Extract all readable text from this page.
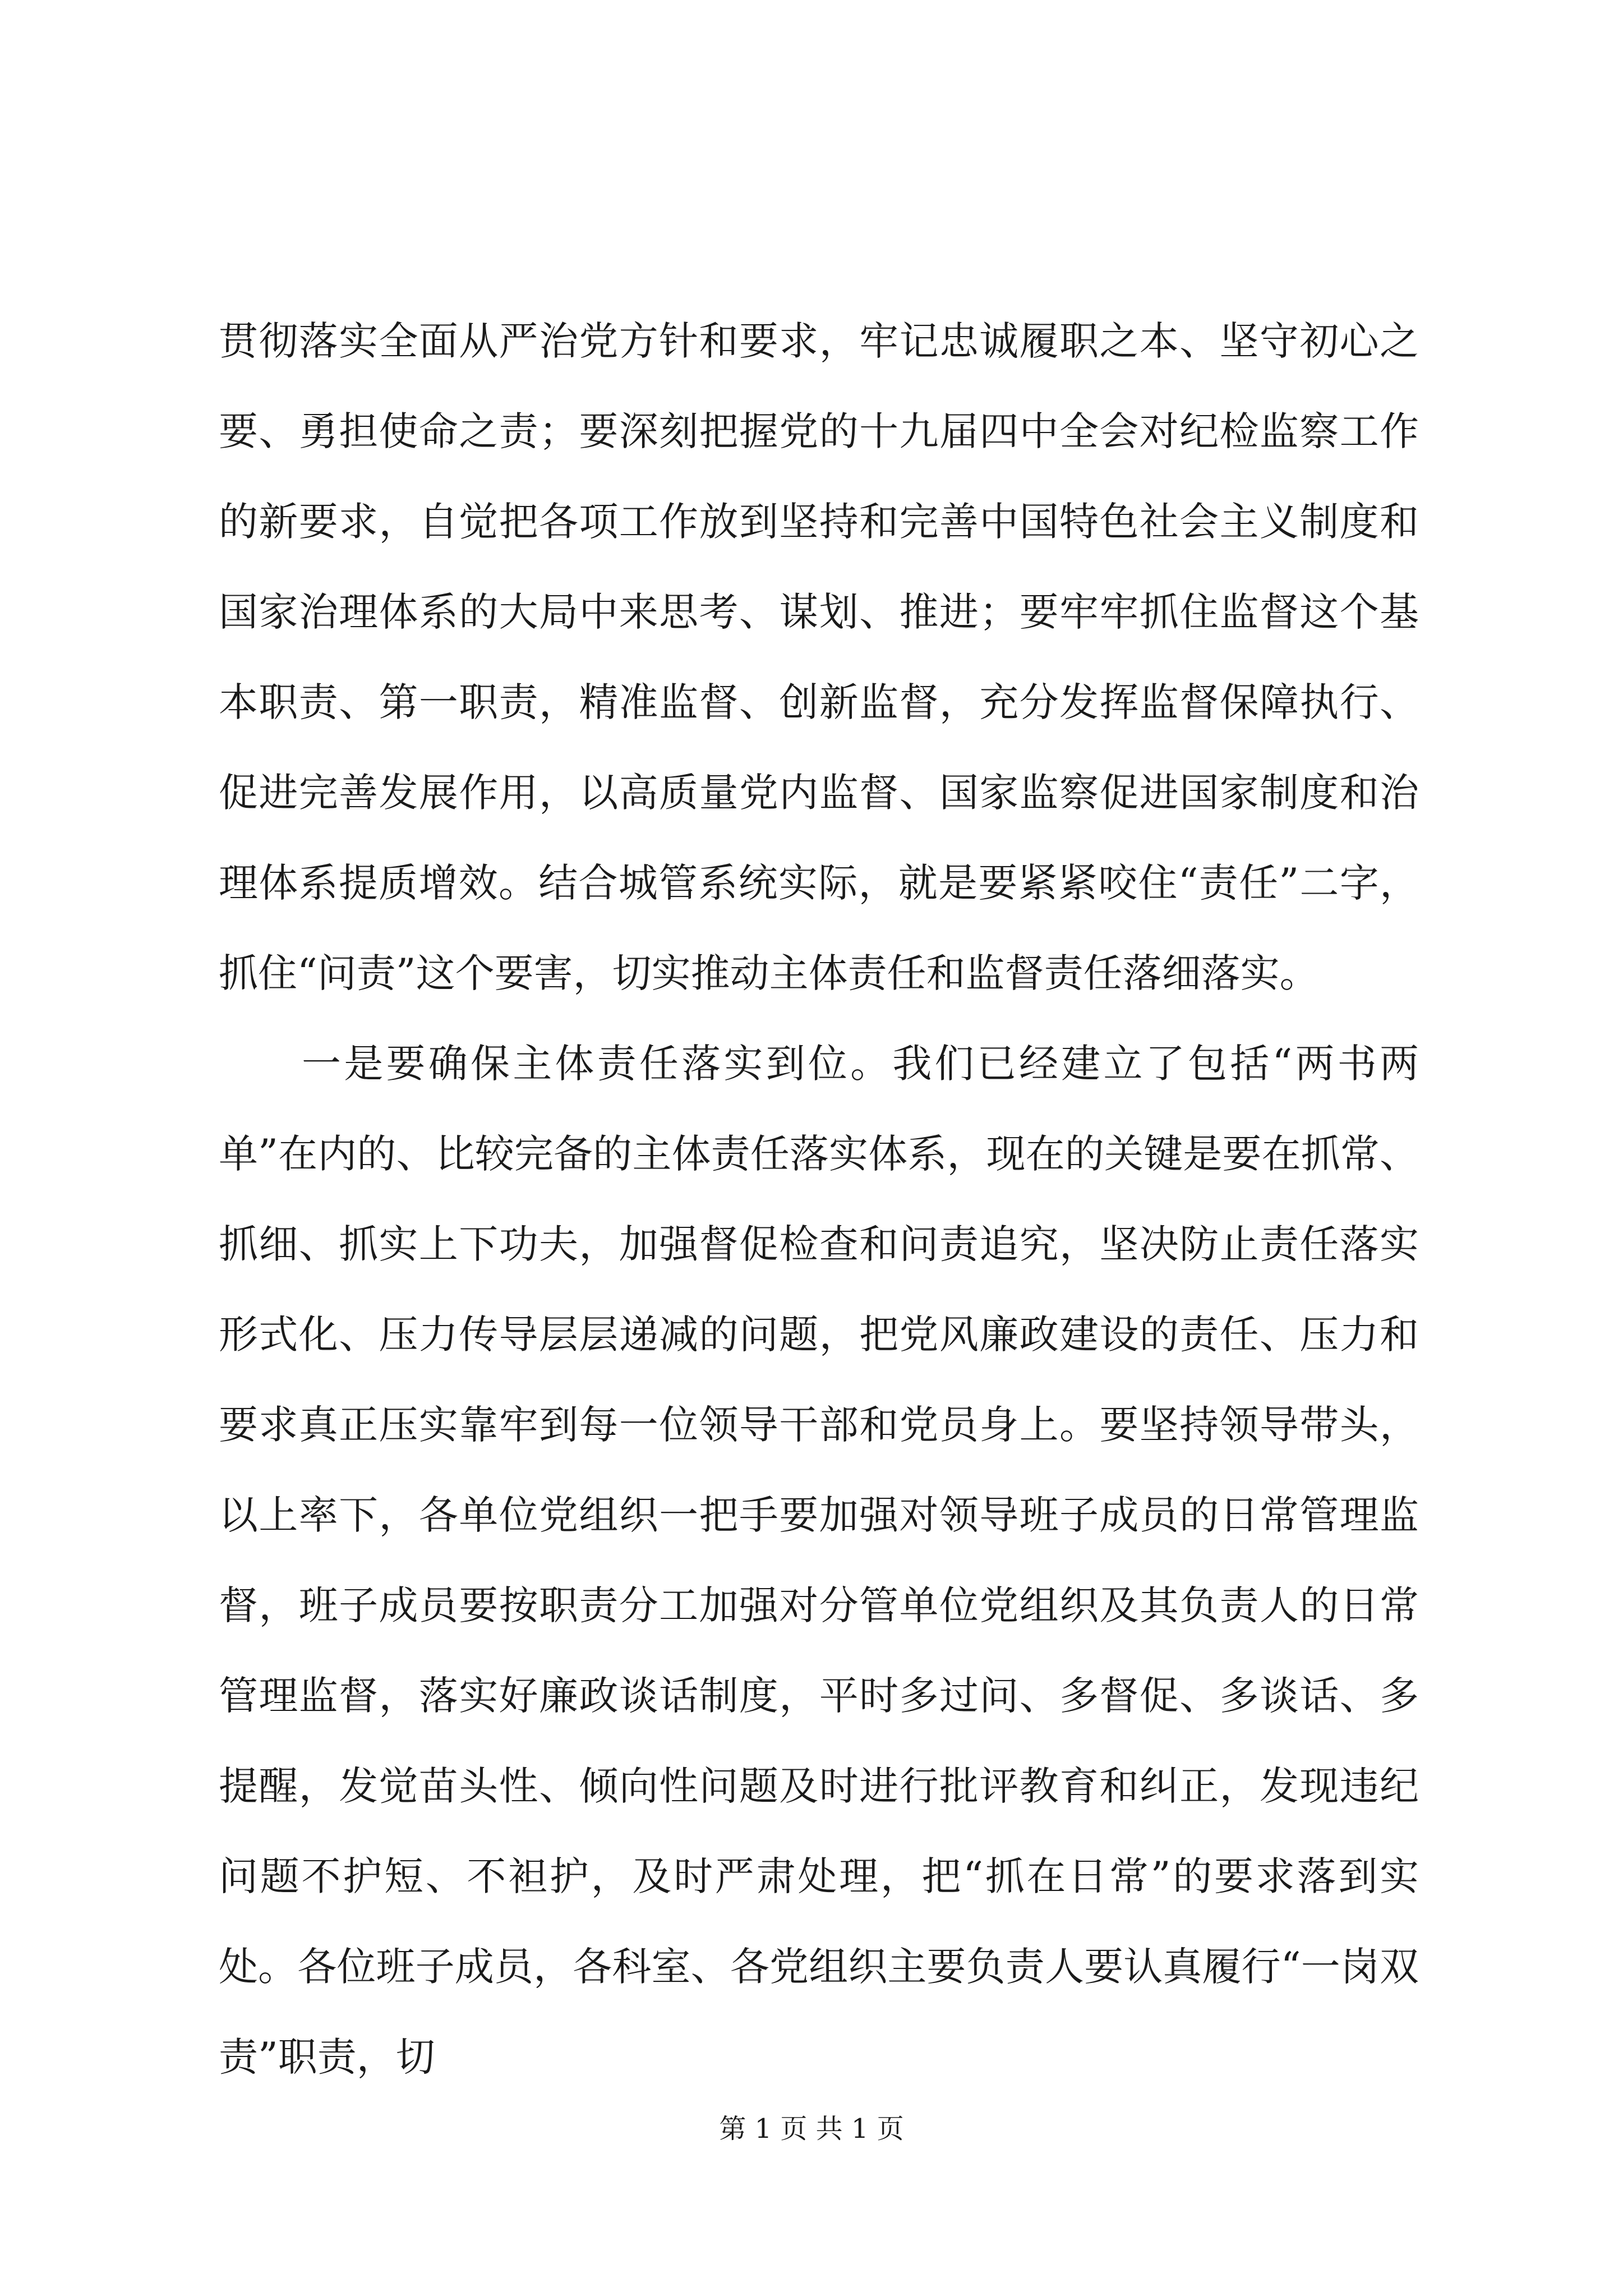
贯彻落实全面从严治党方针和要求，牢记忠诚履职之本、坚守初心之要、勇担使命之责；要深刻把握党的十九届四中全会对纪检监察工作的新要求，自觉把各项工作放到坚持和完善中国特色社会主义制度和国家治理体系的大局中来思考、谋划、推进；要牢牢抓住监督这个基本职责、第一职责，精准监督、创新监督，充分发挥监督保障执行、促进完善发展作用，以高质量党内监督、国家监察促进国家制度和治理体系提质增效。结合城管系统实际，就是要紧紧咬住“责任”二字，抓住“问责”这个要害，切实推动主体责任和监督责任落细落实。

一是要确保主体责任落实到位。我们已经建立了包括“两书两单”在内的、比较完备的主体责任落实体系，现在的关键是要在抓常、抓细、抓实上下功夫，加强督促检查和问责追究，坚决防止责任落实形式化、压力传导层层递减的问题，把党风廉政建设的责任、压力和要求真正压实靠牢到每一位领导干部和党员身上。要坚持领导带头，以上率下，各单位党组织一把手要加强对领导班子成员的日常管理监督，班子成员要按职责分工加强对分管单位党组织及其负责人的日常管理监督，落实好廉政谈话制度，平时多过问、多督促、多谈话、多提醒，发觉苗头性、倾向性问题及时进行批评教育和纠正，发现违纪问题不护短、不袒护，及时严肃处理，把“抓在日常”的要求落到实处。各位班子成员，各科室、各党组织主要负责人要认真履行“一岗双责”职责，切

第 1 页 共 1 页
